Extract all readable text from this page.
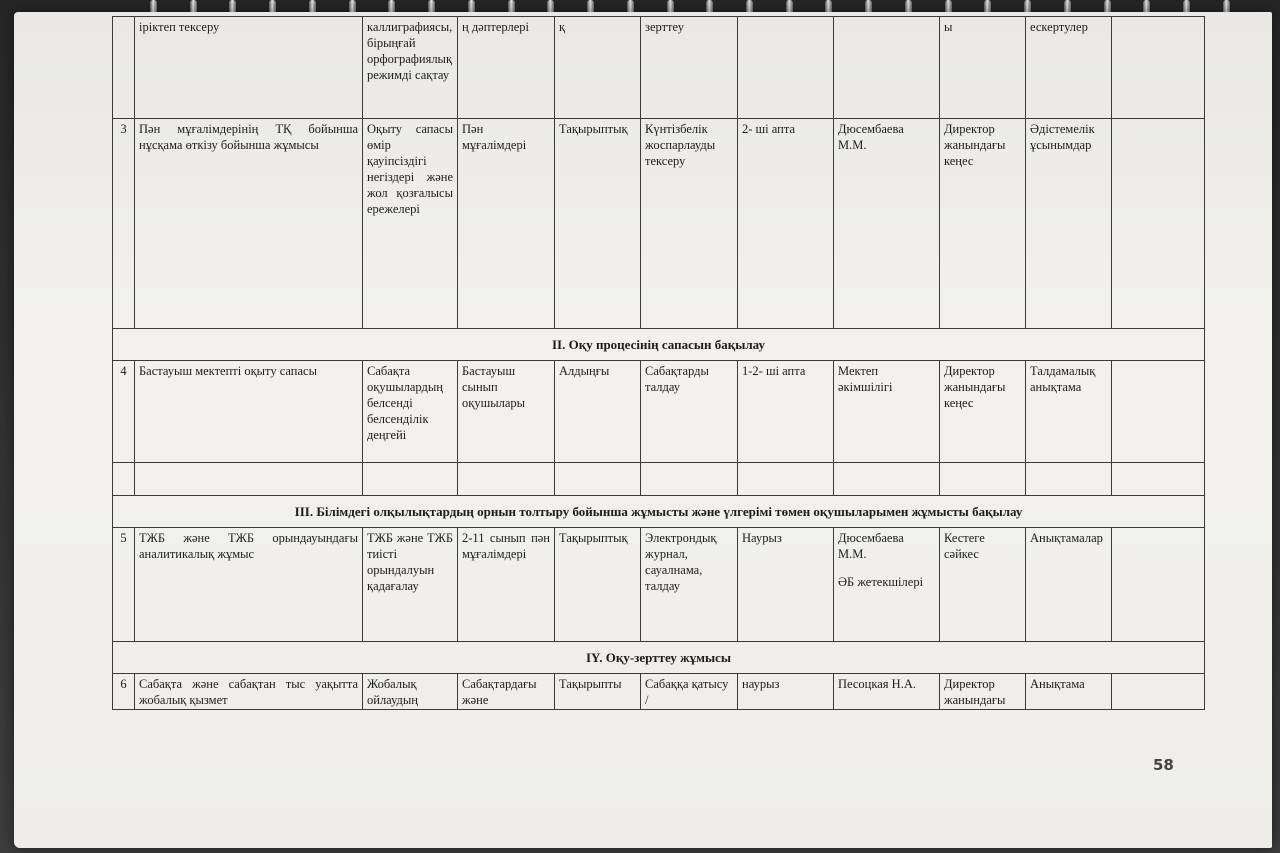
	іріктеп тексеру	каллиграфиясы, бірыңғай орфографиялық режимді сақтау	ң дәптерлері	қ	зерттеу			ы	ескертулер	
3	Пән мұғалімдерінің ТҚ бойынша нұсқама өткізу бойынша жұмысы	Оқыту сапасы өмір қауіпсіздігі негіздері және жол қозғалысы ережелері	Пән мұғалімдері	Тақырыптық	Күнтізбелік жоспарлауды тексеру	2- ші апта	Дюсембаева М.М.	Директор жанындағы кеңес	Әдістемелік ұсынымдар	
II. Оқу процесінің сапасын бақылау										
4	Бастауыш мектепті оқыту сапасы	Сабақта оқушылардың белсенді белсенділік деңгейі	Бастауыш сынып оқушылары	Алдыңғы	Сабақтарды талдау	1-2- ші апта	Мектеп әкімшілігі	Директор жанындағы кеңес	Талдамалық анықтама	

III. Білімдегі олқылықтардың орнын толтыру бойынша жұмысты және үлгерімі төмен оқушыларымен жұмысты бақылау										
5	ТЖБ және ТЖБ орындауындағы аналитикалық жұмыс	ТЖБ және ТЖБ тиісті орындалуын қадағалау	2-11 сынып пән мұғалімдері	Тақырыптық	Электрондық журнал, сауалнама, талдау	Наурыз	Дюсембаева М.М.
ӘБ жетекшілері	Кестеге сәйкес	Анықтамалар	
IY. Оқу-зерттеу жұмысы										
6	Сабақта және сабақтан тыс уақытта жобалық қызмет	Жобалық ойлаудың	Сабақтардағы және	Тақырыпты	Сабаққа қатысу /	наурыз	Песоцкая Н.А.	Директор жанындағы	Анықтама	
58
